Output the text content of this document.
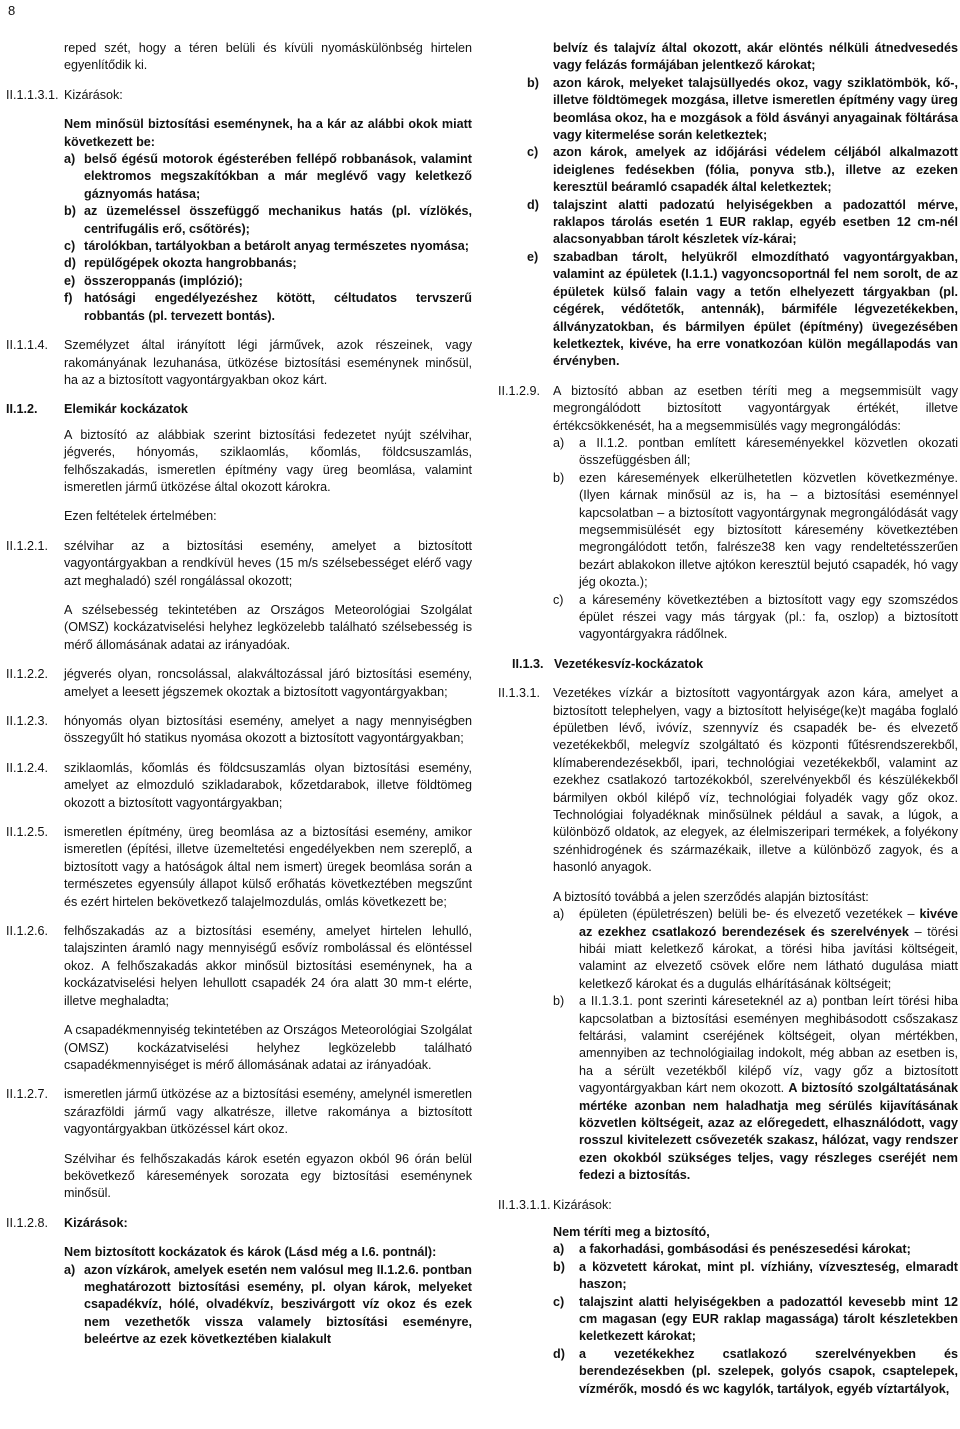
8

reped szét, hogy a téren belüli és kívüli nyomáskülönbség hirtelen egyenlítődik ki.

II.1.1.3.1. Kizárások:

Nem minősül biztosítási eseménynek, ha a kár az alábbi okok miatt következett be:

a) belső égésű motorok égésterében fellépő robbanások, valamint elektromos megszakítókban a már meglévő vagy keletkező gáznyomás hatása;
b) az üzemeléssel összefüggő mechanikus hatás (pl. vízlökés, centrifugális erő, csőtörés);
c) tárolókban, tartályokban a betárolt anyag természetes nyomása;
d) repülőgépek okozta hangrobbanás;
e) összeroppanás (implózió);
f) hatósági engedélyezéshez kötött, céltudatos tervszerű robbantás (pl. tervezett bontás).
II.1.1.4.	Személyzet által irányított légi járművek, azok részeinek, vagy rakományának lezuhanása, ütközése biztosítási eseménynek minősül, ha az a biztosított vagyontárgyakban okoz kárt.

II.1.2.	Elemikár kockázatok

A biztosító az alábbiak szerint biztosítási fedezetet nyújt szélvihar, jégverés, hónyomás, sziklaomlás, kőomlás, földcsuszamlás, felhőszakadás, ismeretlen építmény vagy üreg beomlása, valamint ismeretlen jármű ütközése által okozott károkra.

Ezen feltételek értelmében:

II.1.2.1.	szélvihar az a biztosítási esemény, amelyet a biztosított vagyontárgyakban a rendkívül heves (15 m/s szélsebességet elérő vagy azt meghaladó) szél rongálással okozott;

A szélsebesség tekintetében az Országos Meteorológiai Szolgálat (OMSZ) kockázatviselési helyhez legközelebb található szélsebesség is mérő állomásának adatai az irányadóak.

II.1.2.2.	jégverés olyan, roncsolással, alakváltozással járó biztosítási esemény, amelyet a leesett jégszemek okoztak a biztosított vagyontárgyakban;

II.1.2.3.	hónyomás olyan biztosítási esemény, amelyet a nagy mennyiségben összegyűlt hó statikus nyomása okozott a biztosított vagyontárgyakban;

II.1.2.4.	sziklaomlás, kőomlás és földcsuszamlás olyan biztosítási esemény, amelyet az elmozduló szikladarabok, kőzetdarabok, illetve földtömeg okozott a biztosított vagyontárgyakban;

II.1.2.5.	ismeretlen építmény, üreg beomlása az a biztosítási esemény, amikor ismeretlen (építési, illetve üzemeltetési engedélyekben nem szereplő, a biztosított vagy a hatóságok által nem ismert) üregek beomlása során a természetes egyensúly állapot külső erőhatás következtében megszűnt és ezért hirtelen bekövetkező talajelmozdulás, omlás következett be;

II.1.2.6.	felhőszakadás az a biztosítási esemény, amelyet hirtelen lehulló, talajszinten áramló nagy mennyiségű esővíz rombolással és elöntéssel okoz. A felhőszakadás akkor minősül biztosítási eseménynek, ha a kockázatviselési helyen lehullott csapadék 24 óra alatt 30 mm-t elérte, illetve meghaladta;

A csapadékmennyiség tekintetében az Országos Meteorológiai Szolgálat (OMSZ) kockázatviselési helyhez legközelebb található csapadékmennyiséget is mérő állomásának adatai az irányadóak.

II.1.2.7.	ismeretlen jármű ütközése az a biztosítási esemény, amelynél ismeretlen szárazföldi jármű vagy alkatrésze, illetve rakománya a biztosított vagyontárgyakban ütközéssel kárt okoz.

Szélvihar és felhőszakadás károk esetén egyazon okból 96 órán belül bekövetkező káresemények sorozata egy biztosítási eseménynek minősül.

II.1.2.8.	Kizárások:

Nem biztosított kockázatok és károk (Lásd még a I.6. pontnál):

a) azon vízkárok, amelyek esetén nem valósul meg II.1.2.6. pontban meghatározott biztosítási esemény, pl. olyan károk, melyeket csapadékvíz, hólé, olvadékvíz, beszivárgott víz okoz és ezek nem vezethetők vissza valamely biztosítási eseményre, beleértve az ezek következtében kialakult

belvíz és talajvíz által okozott, akár elöntés nélküli átnedvesedés vagy felázás formájában jelentkező károkat;

b)	azon károk, melyeket talajsüllyedés okoz, vagy sziklatömbök, kő-, illetve földtömegek mozgása, illetve ismeretlen építmény vagy üreg beomlása okoz, ha e mozgások a föld ásványi anyagainak föltárása vagy kitermelése során keletkeztek;
c)	azon károk, amelyek az időjárási védelem céljából alkalmazott ideiglenes fedésekben (fólia, ponyva stb.), illetve az ezeken keresztül beáramló csapadék által keletkeztek;
d)	talajszint alatti padozatú helyiségekben a padozattól mérve, raklapos tárolás esetén 1 EUR raklap, egyéb esetben 12 cm-nél alacsonyabban tárolt készletek víz-kárai;
e)	szabadban tárolt, helyükről elmozdítható vagyontárgyakban, valamint az épületek (I.1.1.) vagyoncsoportnál fel nem sorolt, de az épületek külső falain vagy a tetőn elhelyezett tárgyakban (pl. cégérek, védőtetők, antennák), bármiféle légvezetékekben, állványzatokban, és bármilyen épület (építmény) üvegezésében keletkeztek, kivéve, ha erre vonatkozóan külön megállapodás van érvényben.
II.1.2.9.	A biztosító abban az esetben téríti meg a megsemmisült vagy megrongálódott biztosított vagyontárgyak értékét, illetve értékcsökkenését, ha a megsemmisülés vagy megrongálódás:

a)	a II.1.2. pontban említett káreseményekkel közvetlen okozati összefüggésben áll;
b)	ezen káresemények elkerülhetetlen közvetlen következménye. (Ilyen kárnak minősül az is, ha – a biztosítási eseménnyel kapcsolatban – a biztosított vagyontárgynak megrongálódását vagy megsemmisülését egy biztosított káresemény következtében megrongálódott tetőn, falrésze38 ken vagy rendeltetésszerűen bezárt ablakokon illetve ajtókon keresztül bejutó csapadék, hó vagy jég okozta.);
c)	a káresemény következtében a biztosított vagy egy szomszédos épület részei vagy más tárgyak (pl.: fa, oszlop) a biztosított vagyontárgyakra rádőlnek.
II.1.3. Vezetékesvíz-kockázatok

II.1.3.1.	Vezetékes vízkár a biztosított vagyontárgyak azon kára, amelyet a biztosított telephelyen, vagy a biztosított helyisége(ke)t magába foglaló épületben lévő, ivóvíz, szennyvíz és csapadék be- és elvezető vezetékekből, melegvíz szolgáltató és központi fűtésrendszerekből, klímaberendezésekből, ipari, technológiai vezetékekből, valamint az ezekhez csatlakozó tartozékokból, szerelvényekből és készülékekből bármilyen okból kilépő víz, technológiai folyadék vagy gőz okoz. Technológiai folyadéknak minősülnek például a savak, a lúgok, a különböző oldatok, az elegyek, az élelmiszeripari termékek, a folyékony szénhidrogének és származékaik, illetve a különböző zagyok, és a hasonló anyagok.

A biztosító továbbá a jelen szerződés alapján biztosítást:

a)	épületen (épületrészen) belüli be- és elvezető vezetékek – kivéve az ezekhez csatlakozó berendezések és szerelvények – törési hibái miatt keletkező károkat, a törési hiba javítási költségeit, valamint az elvezető csövek előre nem látható dugulása miatt keletkező károkat és a dugulás elhárításának költségeit;
b)	a II.1.3.1. pont szerinti káreseteknél az a) pontban leírt törési hiba kapcsolatban a biztosítási eseményen meghibásodott csőszakasz feltárási, valamint cseréjének költségeit, olyan mértékben, amennyiben az technológiailag indokolt, még abban az esetben is, ha a sérült vezetékből kilépő víz, vagy gőz a biztosított vagyontárgyakban kárt nem okozott. A biztosító szolgáltatásának mértéke azonban nem haladhatja meg sérülés kijavításának közvetlen költségeit, azaz az előregedett, elhasználódott, vagy rosszul kivitelezett csővezeték szakasz, hálózat, vagy rendszer ezen okokból szükséges teljes, vagy részleges cseréjét nem fedezi a biztosítás.
II.1.3.1.1. Kizárások:

Nem téríti meg a biztosító,

a)	a fakorhadási, gombásodási és penészesedési károkat;
b)	a közvetett károkat, mint pl. vízhiány, vízveszteség, elmaradt haszon;
c)	talajszint alatti helyiségekben a padozattól kevesebb mint 12 cm magasan (egy EUR raklap magassága) tárolt készletekben keletkezett károkat;
d)	a vezetékekhez csatlakozó szerelvényekben és berendezésekben (pl. szelepek, golyós csapok, csaptelepek, vízmérők, mosdó és wc kagylók, tartályok, egyéb víztartályok,
